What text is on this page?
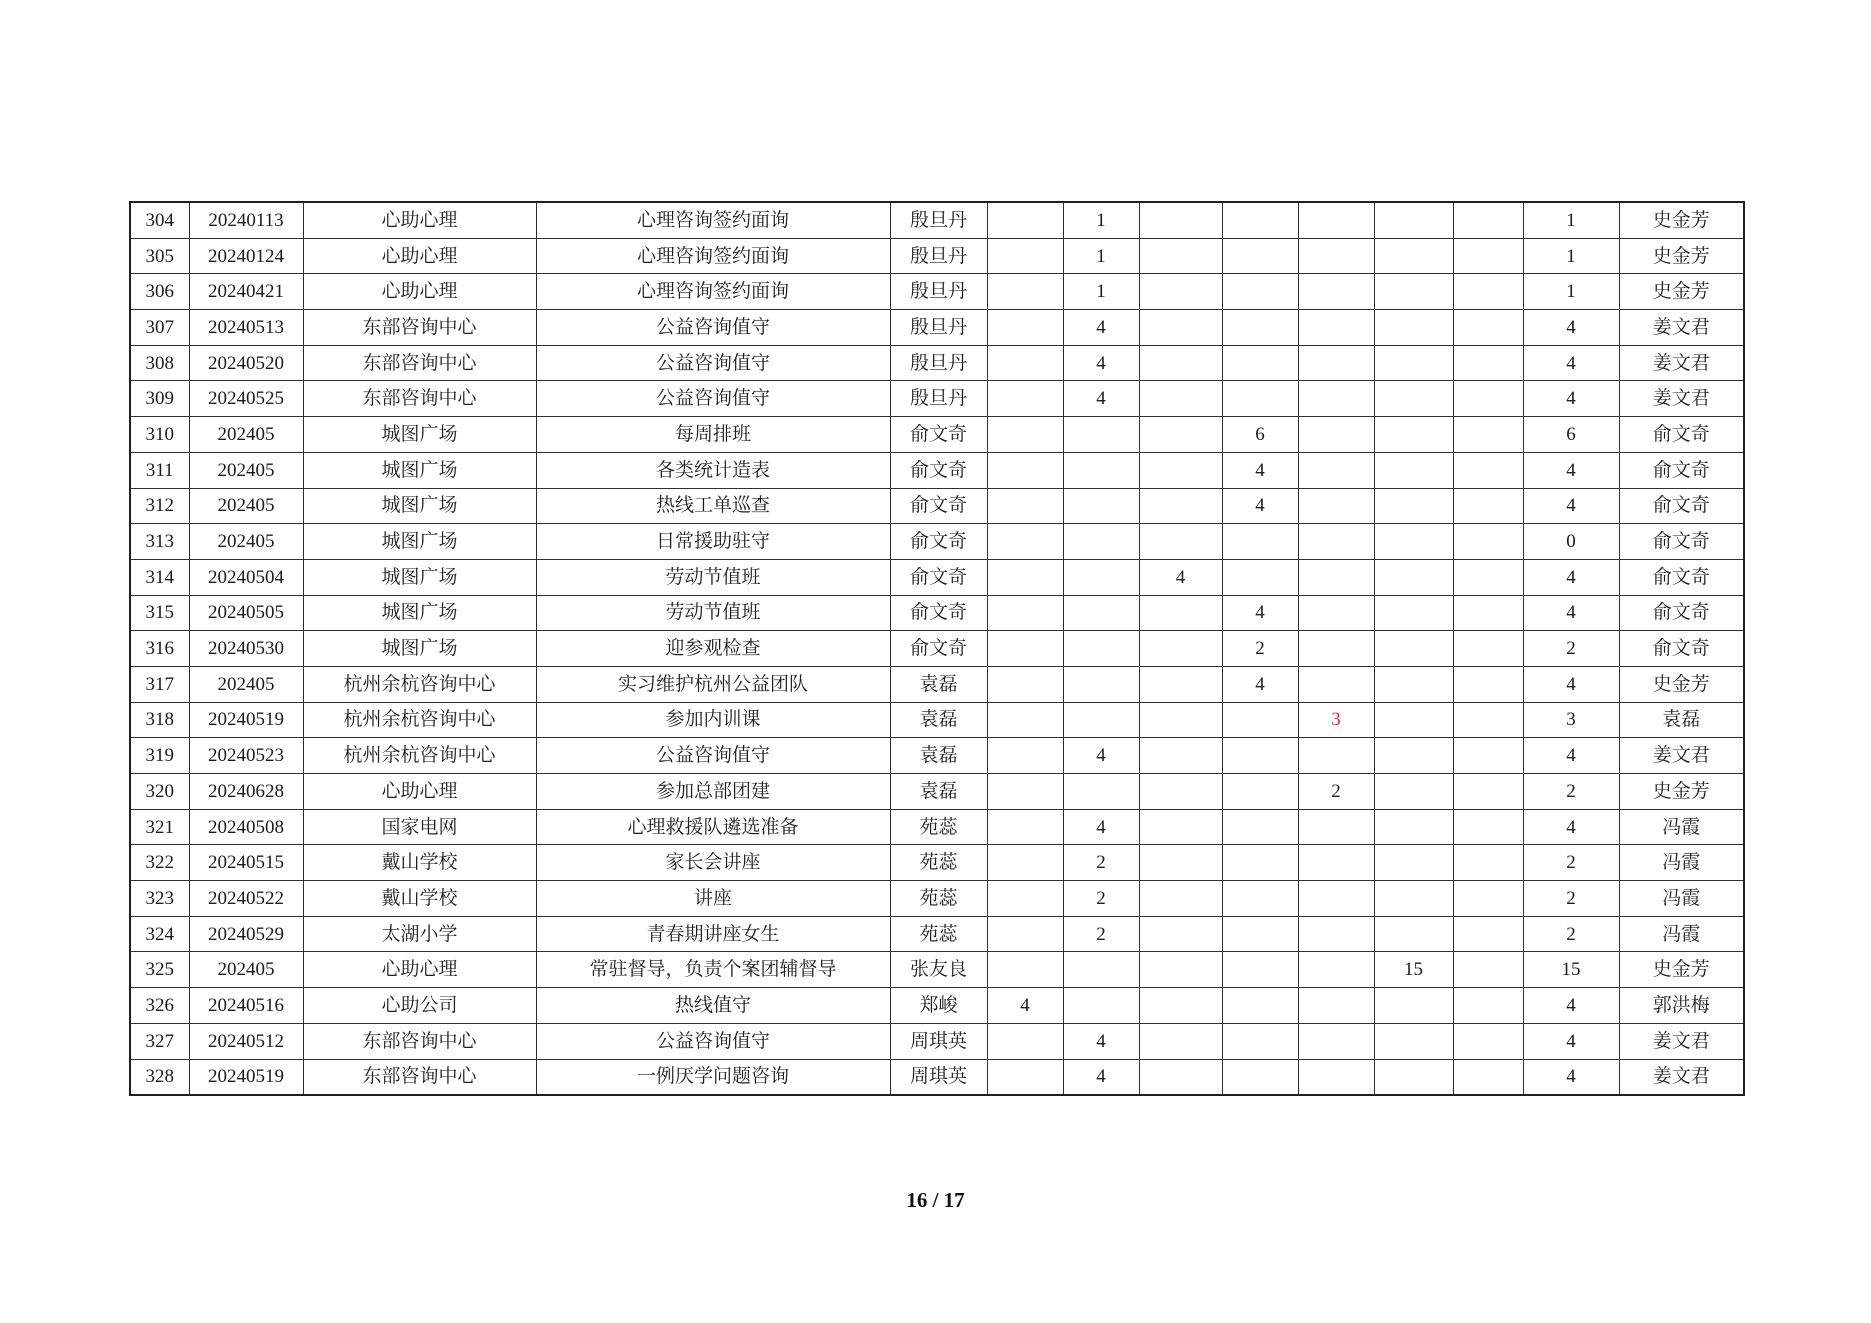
304	20240113	心助心理	心理咨询签约面询	殷旦丹		1						1	史金芳
305	20240124	心助心理	心理咨询签约面询	殷旦丹		1						1	史金芳
306	20240421	心助心理	心理咨询签约面询	殷旦丹		1						1	史金芳
307	20240513	东部咨询中心	公益咨询值守	殷旦丹		4						4	姜文君
308	20240520	东部咨询中心	公益咨询值守	殷旦丹		4						4	姜文君
309	20240525	东部咨询中心	公益咨询值守	殷旦丹		4						4	姜文君
310	202405	城图广场	每周排班	俞文奇				6				6	俞文奇
311	202405	城图广场	各类统计造表	俞文奇				4				4	俞文奇
312	202405	城图广场	热线工单巡查	俞文奇				4				4	俞文奇
313	202405	城图广场	日常援助驻守	俞文奇								0	俞文奇
314	20240504	城图广场	劳动节值班	俞文奇			4					4	俞文奇
315	20240505	城图广场	劳动节值班	俞文奇				4				4	俞文奇
316	20240530	城图广场	迎参观检查	俞文奇				2				2	俞文奇
317	202405	杭州余杭咨询中心	实习维护杭州公益团队	袁磊				4				4	史金芳
318	20240519	杭州余杭咨询中心	参加内训课	袁磊					3			3	袁磊
319	20240523	杭州余杭咨询中心	公益咨询值守	袁磊		4						4	姜文君
320	20240628	心助心理	参加总部团建	袁磊					2			2	史金芳
321	20240508	国家电网	心理救援队遴选准备	苑蕊		4						4	冯霞
322	20240515	戴山学校	家长会讲座	苑蕊		2						2	冯霞
323	20240522	戴山学校	讲座	苑蕊		2						2	冯霞
324	20240529	太湖小学	青春期讲座女生	苑蕊		2						2	冯霞
325	202405	心助心理	常驻督导，负责个案团辅督导	张友良						15		15	史金芳
326	20240516	心助公司	热线值守	郑峻	4							4	郭洪梅
327	20240512	东部咨询中心	公益咨询值守	周琪英		4						4	姜文君
328	20240519	东部咨询中心	一例厌学问题咨询	周琪英		4						4	姜文君
16 / 17
